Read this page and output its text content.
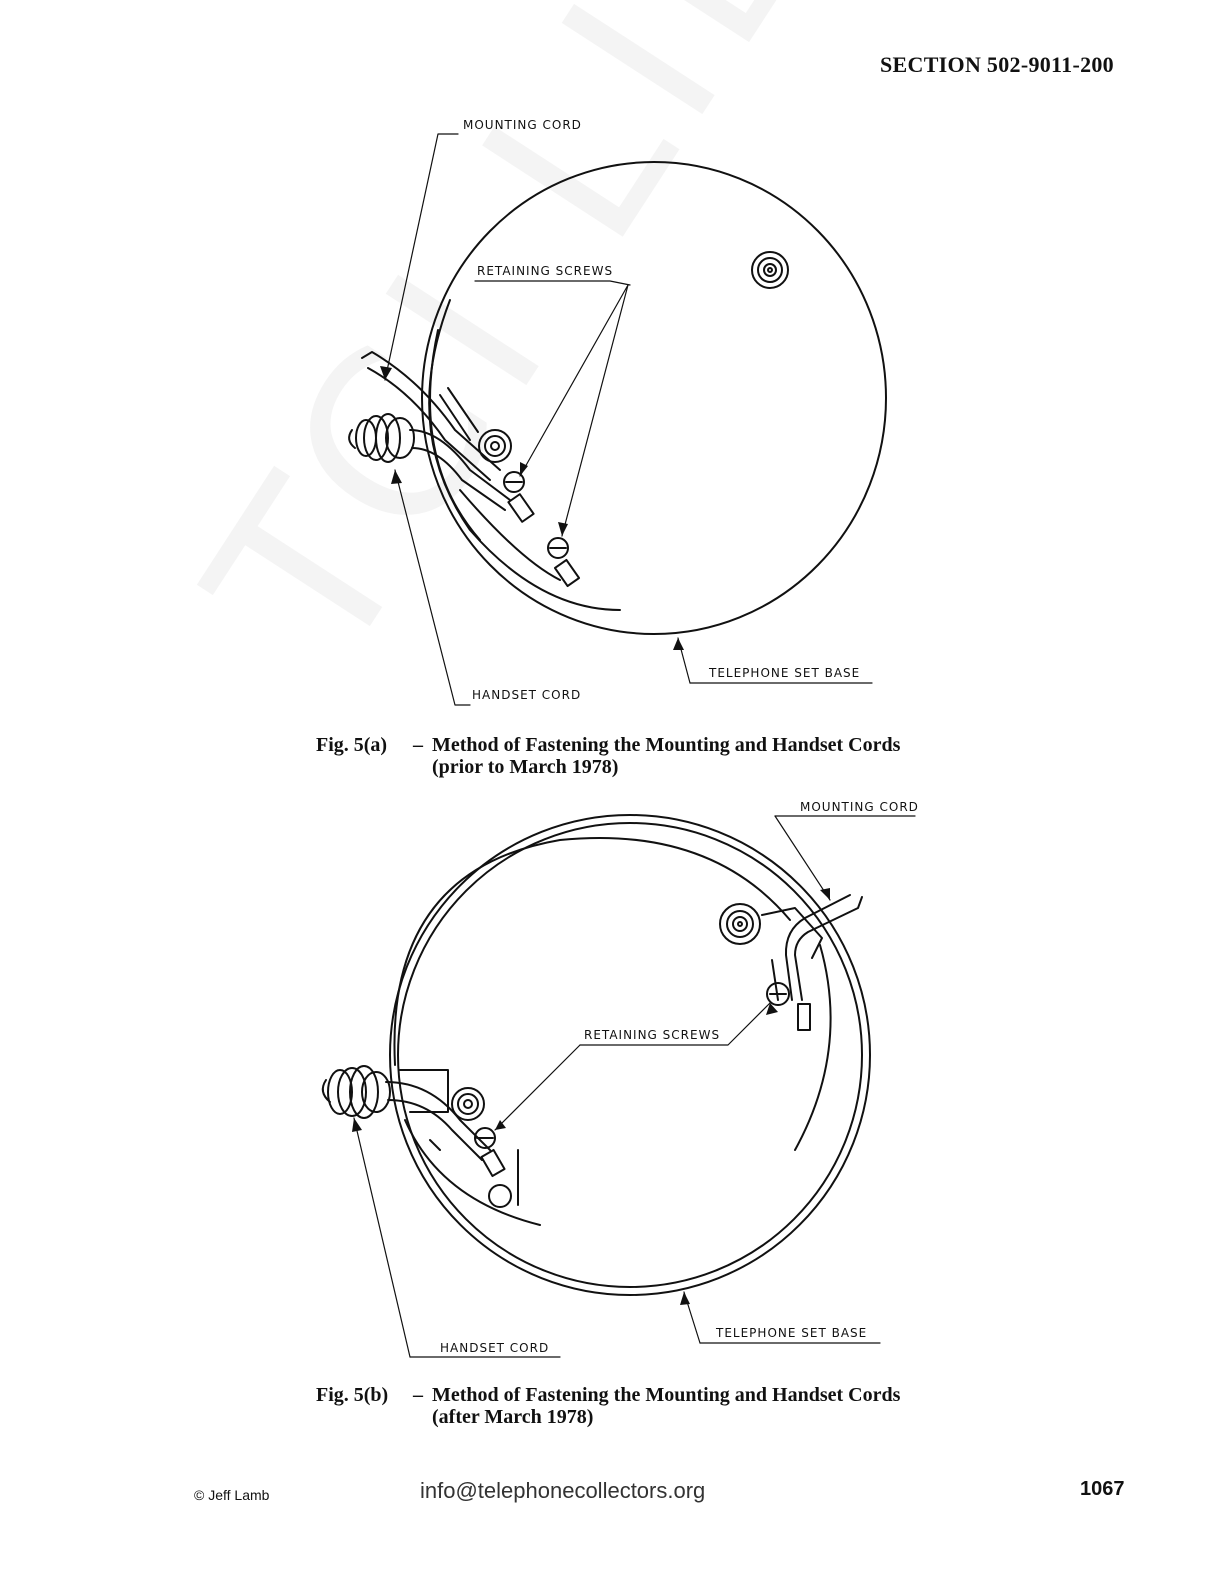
SECTION 502-9011-200
MOUNTING CORD
RETAINING SCREWS
TELEPHONE SET BASE
HANDSET CORD
Fig. 5(a) – Method of Fastening the Mounting and Handset Cords
(prior to March 1978)
MOUNTING CORD
RETAINING SCREWS
TELEPHONE SET BASE
HANDSET CORD
Fig. 5(b) – Method of Fastening the Mounting and Handset Cords
(after March 1978)
© Jeff Lamb	info@telephonecollectors.org	1067
